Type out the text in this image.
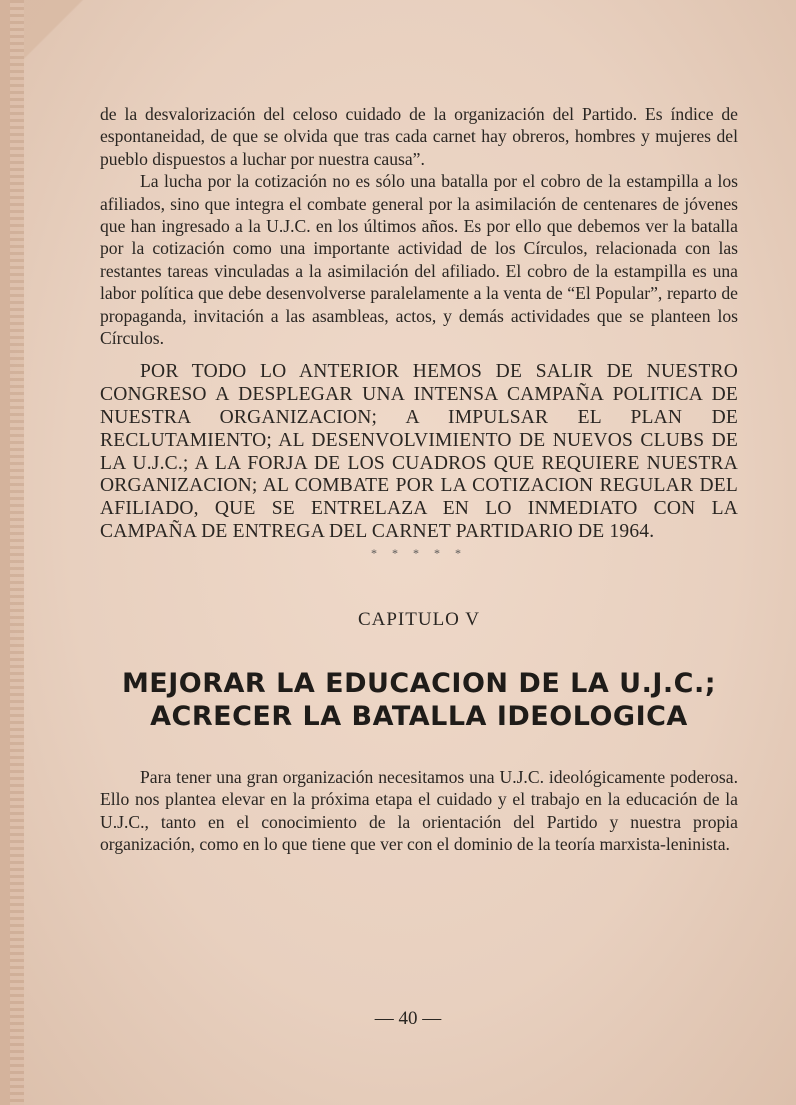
de la desvalorización del celoso cuidado de la organización del Partido. Es índice de espontaneidad, de que se olvida que tras cada carnet hay obreros, hombres y mujeres del pueblo dispuestos a luchar por nuestra causa”.

La lucha por la cotización no es sólo una batalla por el cobro de la estampilla a los afiliados, sino que integra el combate general por la asimilación de centenares de jóvenes que han ingresado a la U.J.C. en los últimos años. Es por ello que debemos ver la batalla por la cotización como una importante actividad de los Círculos, relacionada con las restantes tareas vinculadas a la asimilación del afiliado. El cobro de la estampilla es una labor política que debe desenvolverse paralelamente a la venta de “El Popular”, reparto de propaganda, invitación a las asambleas, actos, y demás actividades que se planteen los Círculos.

POR TODO LO ANTERIOR HEMOS DE SALIR DE NUESTRO CONGRESO A DESPLEGAR UNA INTENSA CAMPAÑA POLITICA DE NUESTRA ORGANIZACION; A IMPULSAR EL PLAN DE RECLUTAMIENTO; AL DESENVOLVIMIENTO DE NUEVOS CLUBS DE LA U.J.C.; A LA FORJA DE LOS CUADROS QUE REQUIERE NUESTRA ORGANIZACION; AL COMBATE POR LA COTIZACION REGULAR DEL AFILIADO, QUE SE ENTRELAZA EN LO INMEDIATO CON LA CAMPAÑA DE ENTREGA DEL CARNET PARTIDARIO DE 1964.

* * * * *

CAPITULO V

MEJORAR LA EDUCACION DE LA U.J.C.;
ACRECER LA BATALLA IDEOLOGICA

Para tener una gran organización necesitamos una U.J.C. ideológicamente poderosa. Ello nos plantea elevar en la próxima etapa el cuidado y el trabajo en la educación de la U.J.C., tanto en el conocimiento de la orientación del Partido y nuestra propia organización, como en lo que tiene que ver con el dominio de la teoría marxista-leninista.

— 40 —
